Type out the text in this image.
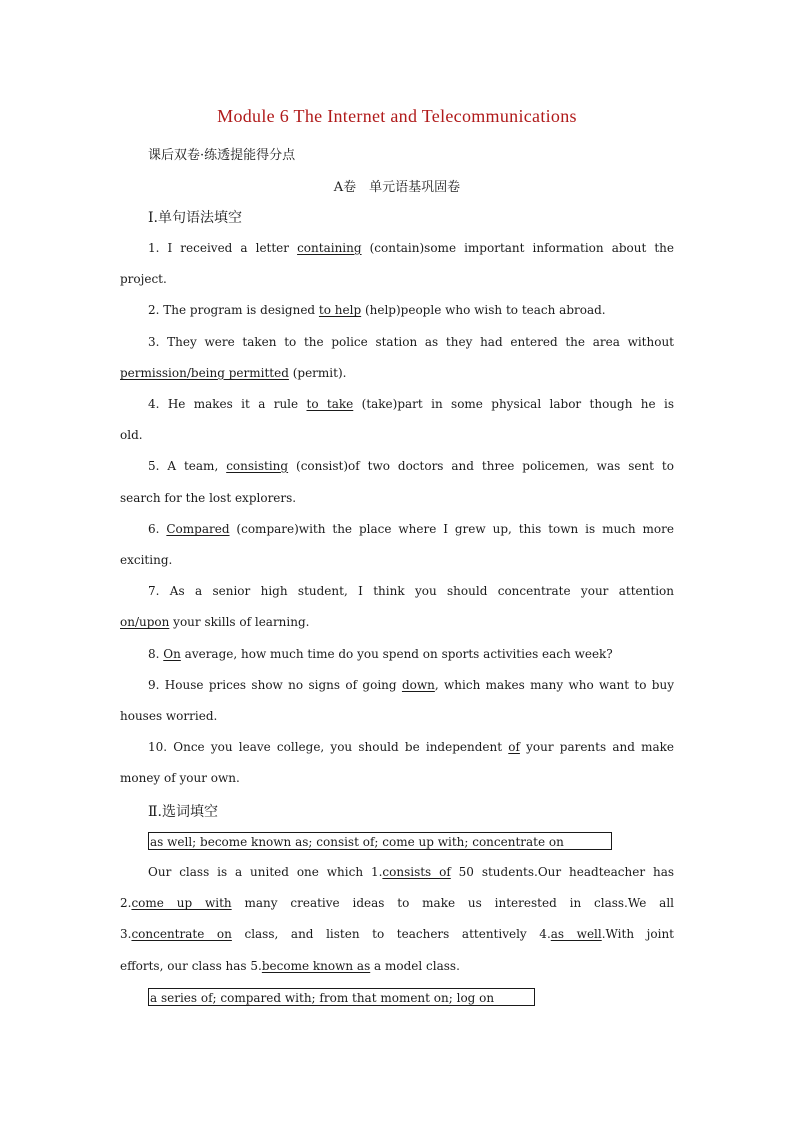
Module 6 The Internet and Telecommunications
课后双卷·练透提能得分点
A卷　单元语基巩固卷
Ⅰ.单句语法填空
1. I received a letter containing (contain)some important information about the
project.
2. The program is designed to help (help)people who wish to teach abroad.
3. They were taken to the police station as they had entered the area without
permission/being permitted (permit).
4. He makes it a rule to take (take)part in some physical labor though he is
old.
5. A team, consisting (consist)of two doctors and three policemen, was sent to
search for the lost explorers.
6. Compared (compare)with the place where I grew up, this town is much more
exciting.
7. As a senior high student, I think you should concentrate your attention
on/upon your skills of learning.
8. On average, how much time do you spend on sports activities each week?
9. House prices show no signs of going down, which makes many who want to buy
houses worried.
10. Once you leave college, you should be independent of your parents and make
money of your own.
Ⅱ.选词填空
as well; become known as; consist of; come up with; concentrate on
Our class is a united one which 1.consists of 50 students.Our headteacher has
2.come up with many creative ideas to make us interested in class.We all
3.concentrate on class, and listen to teachers attentively 4.as well.With joint
efforts, our class has 5.become known as a model class.
a series of; compared with; from that moment on; log on
